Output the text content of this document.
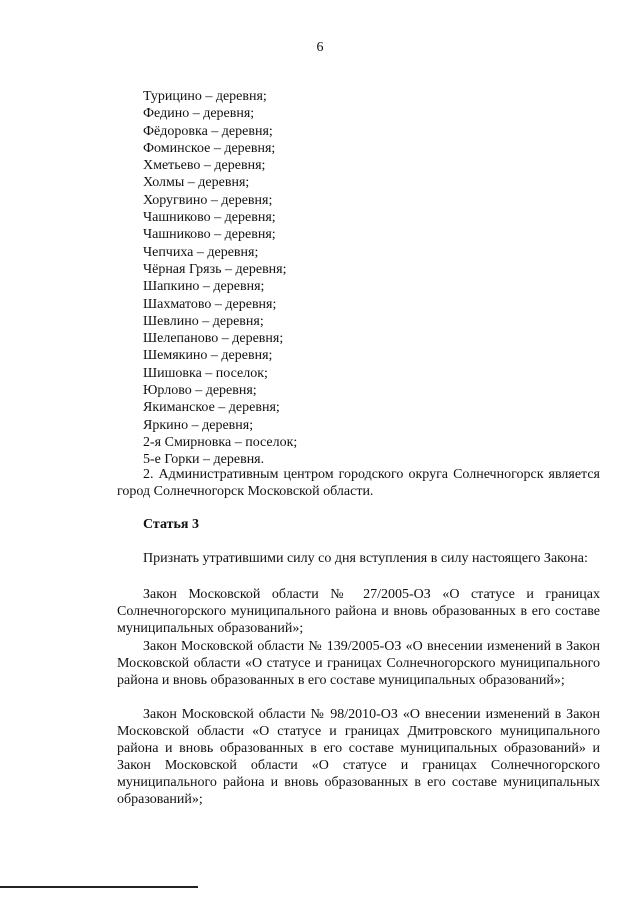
6
Турицино – деревня;
Федино – деревня;
Фёдоровка – деревня;
Фоминское – деревня;
Хметьево – деревня;
Холмы – деревня;
Хоругвино – деревня;
Чашниково – деревня;
Чашниково – деревня;
Чепчиха – деревня;
Чёрная Грязь – деревня;
Шапкино – деревня;
Шахматово – деревня;
Шевлино – деревня;
Шелепаново – деревня;
Шемякино – деревня;
Шишовка – поселок;
Юрлово – деревня;
Якиманское – деревня;
Яркино – деревня;
2-я Смирновка – поселок;
5-е Горки – деревня.

2. Административным центром городского округа Солнечногорск является город Солнечногорск Московской области.

Статья 3

Признать утратившими силу со дня вступления в силу настоящего Закона:

Закон Московской области № 27/2005-ОЗ «О статусе и границах Солнечногорского муниципального района и вновь образованных в его составе муниципальных образований»;

Закон Московской области № 139/2005-ОЗ «О внесении изменений в Закон Московской области «О статусе и границах Солнечногорского муниципального района и вновь образованных в его составе муниципальных образований»;

Закон Московской области № 98/2010-ОЗ «О внесении изменений в Закон Московской области «О статусе и границах Дмитровского муниципального района и вновь образованных в его составе муниципальных образований» и Закон Московской области «О статусе и границах Солнечногорского муниципального района и вновь образованных в его составе муниципальных образований»;
